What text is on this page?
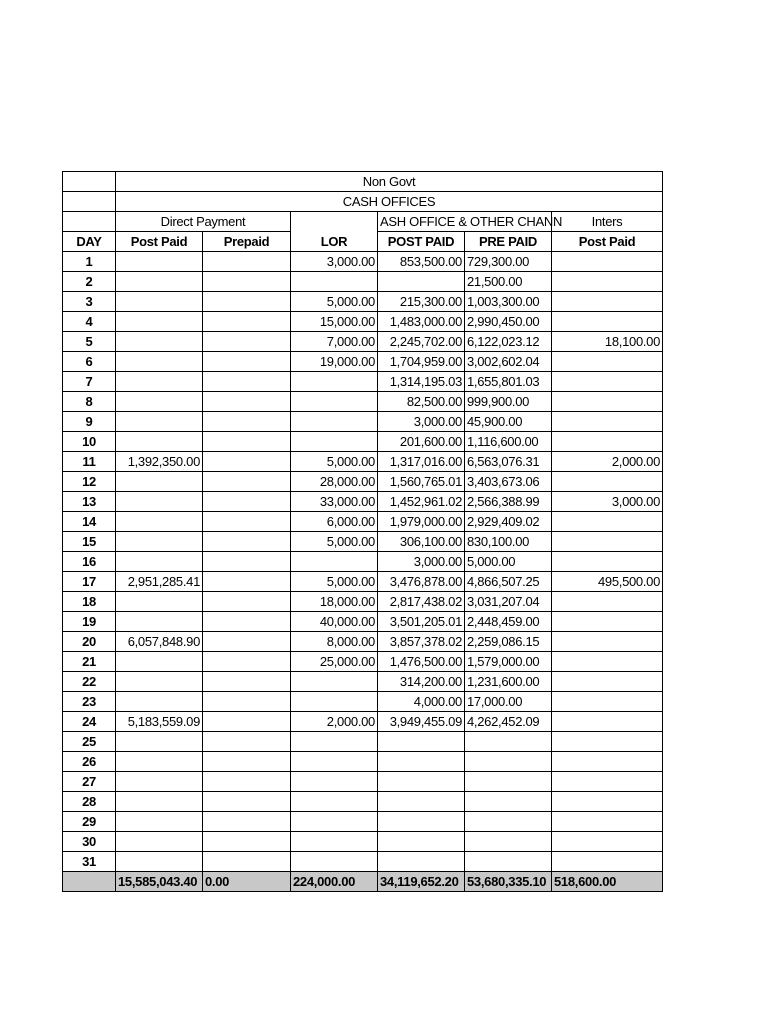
	Non Govt					
	CASH OFFICES					
	Direct Payment			ASH OFFICE & OTHER CHANN		Inters
DAY	Post Paid	Prepaid	LOR	POST PAID	PRE PAID	Post Paid
1			3,000.00	853,500.00	729,300.00	
2					21,500.00	
3			5,000.00	215,300.00	1,003,300.00	
4			15,000.00	1,483,000.00	2,990,450.00	
5			7,000.00	2,245,702.00	6,122,023.12	18,100.00
6			19,000.00	1,704,959.00	3,002,602.04	
7				1,314,195.03	1,655,801.03	
8				82,500.00	999,900.00	
9				3,000.00	45,900.00	
10				201,600.00	1,116,600.00	
11	1,392,350.00		5,000.00	1,317,016.00	6,563,076.31	2,000.00
12			28,000.00	1,560,765.01	3,403,673.06	
13			33,000.00	1,452,961.02	2,566,388.99	3,000.00
14			6,000.00	1,979,000.00	2,929,409.02	
15			5,000.00	306,100.00	830,100.00	
16				3,000.00	5,000.00	
17	2,951,285.41		5,000.00	3,476,878.00	4,866,507.25	495,500.00
18			18,000.00	2,817,438.02	3,031,207.04	
19			40,000.00	3,501,205.01	2,448,459.00	
20	6,057,848.90		8,000.00	3,857,378.02	2,259,086.15	
21			25,000.00	1,476,500.00	1,579,000.00	
22				314,200.00	1,231,600.00	
23				4,000.00	17,000.00	
24	5,183,559.09		2,000.00	3,949,455.09	4,262,452.09	
25						
26						
27						
28						
29						
30						
31						
	15,585,043.40	0.00	224,000.00	34,119,652.20	53,680,335.10	518,600.00
